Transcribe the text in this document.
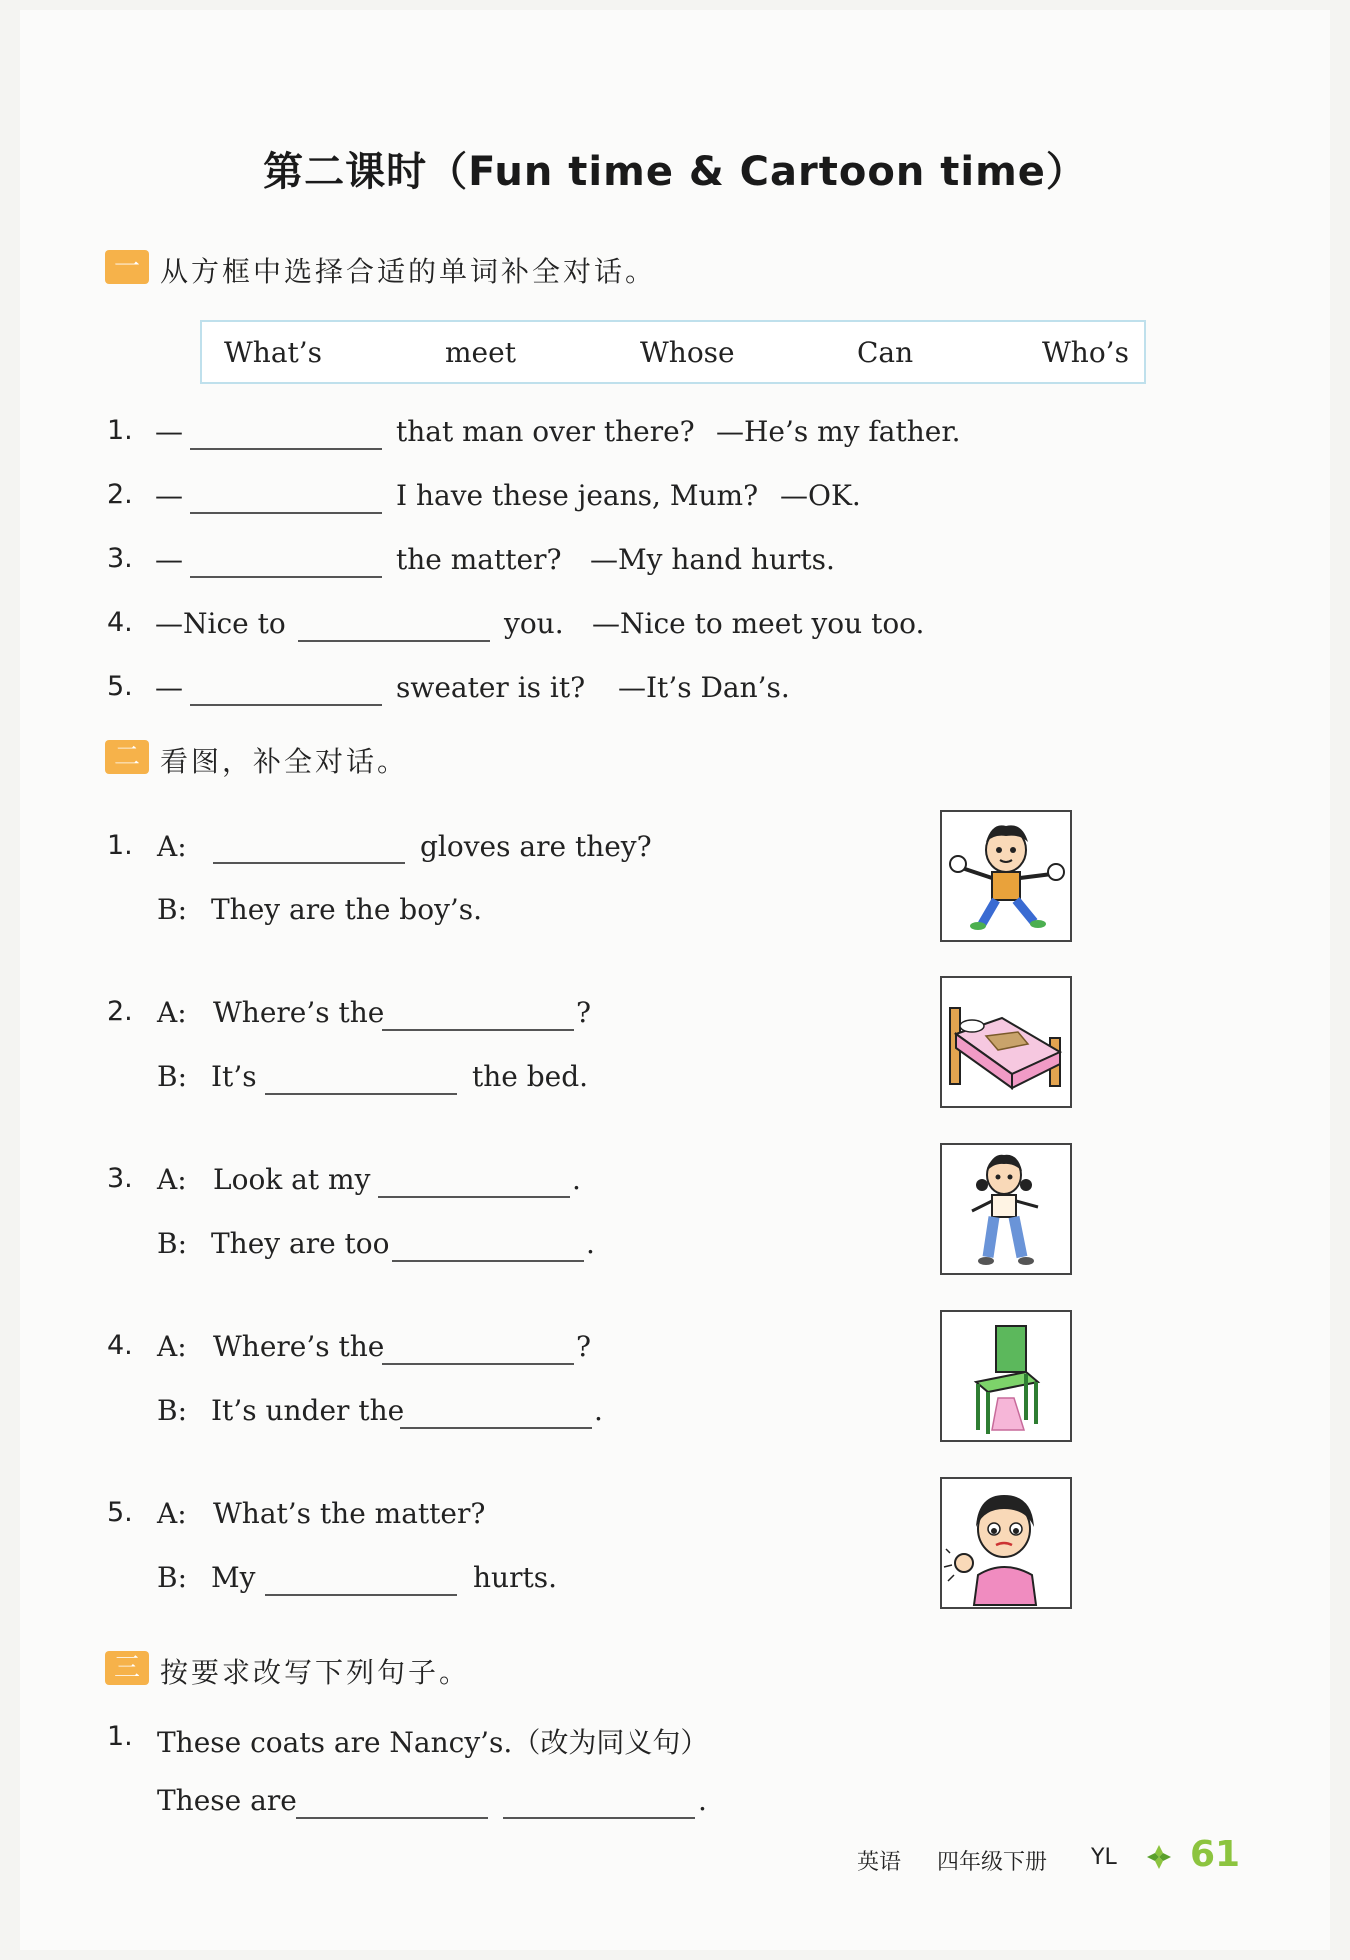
第二课时（Fun time & Cartoon time）
一 从方框中选择合适的单词补全对话。
What’s	meet	Whose	Can	Who’s
1. —	that man over there? —He’s my father.
2. —	I have these jeans, Mum? —OK.
3. —	the matter? —My hand hurts.
4. —Nice to	you. —Nice to meet you too.
5. —	sweater is it? —It’s Dan’s.
二 看图，补全对话。
1. A:	gloves are they?
B: They are the boy’s.
2. A: Where’s the	?
B: It’s	the bed.
3. A: Look at my	.
B: They are too	.
4. A: Where’s the	?
B: It’s under the	.
5. A: What’s the matter?
B: My	hurts.
三 按要求改写下列句子。
1. These coats are Nancy’s.（改为同义句）
These are	.
英语 四年级下册 YL 61
